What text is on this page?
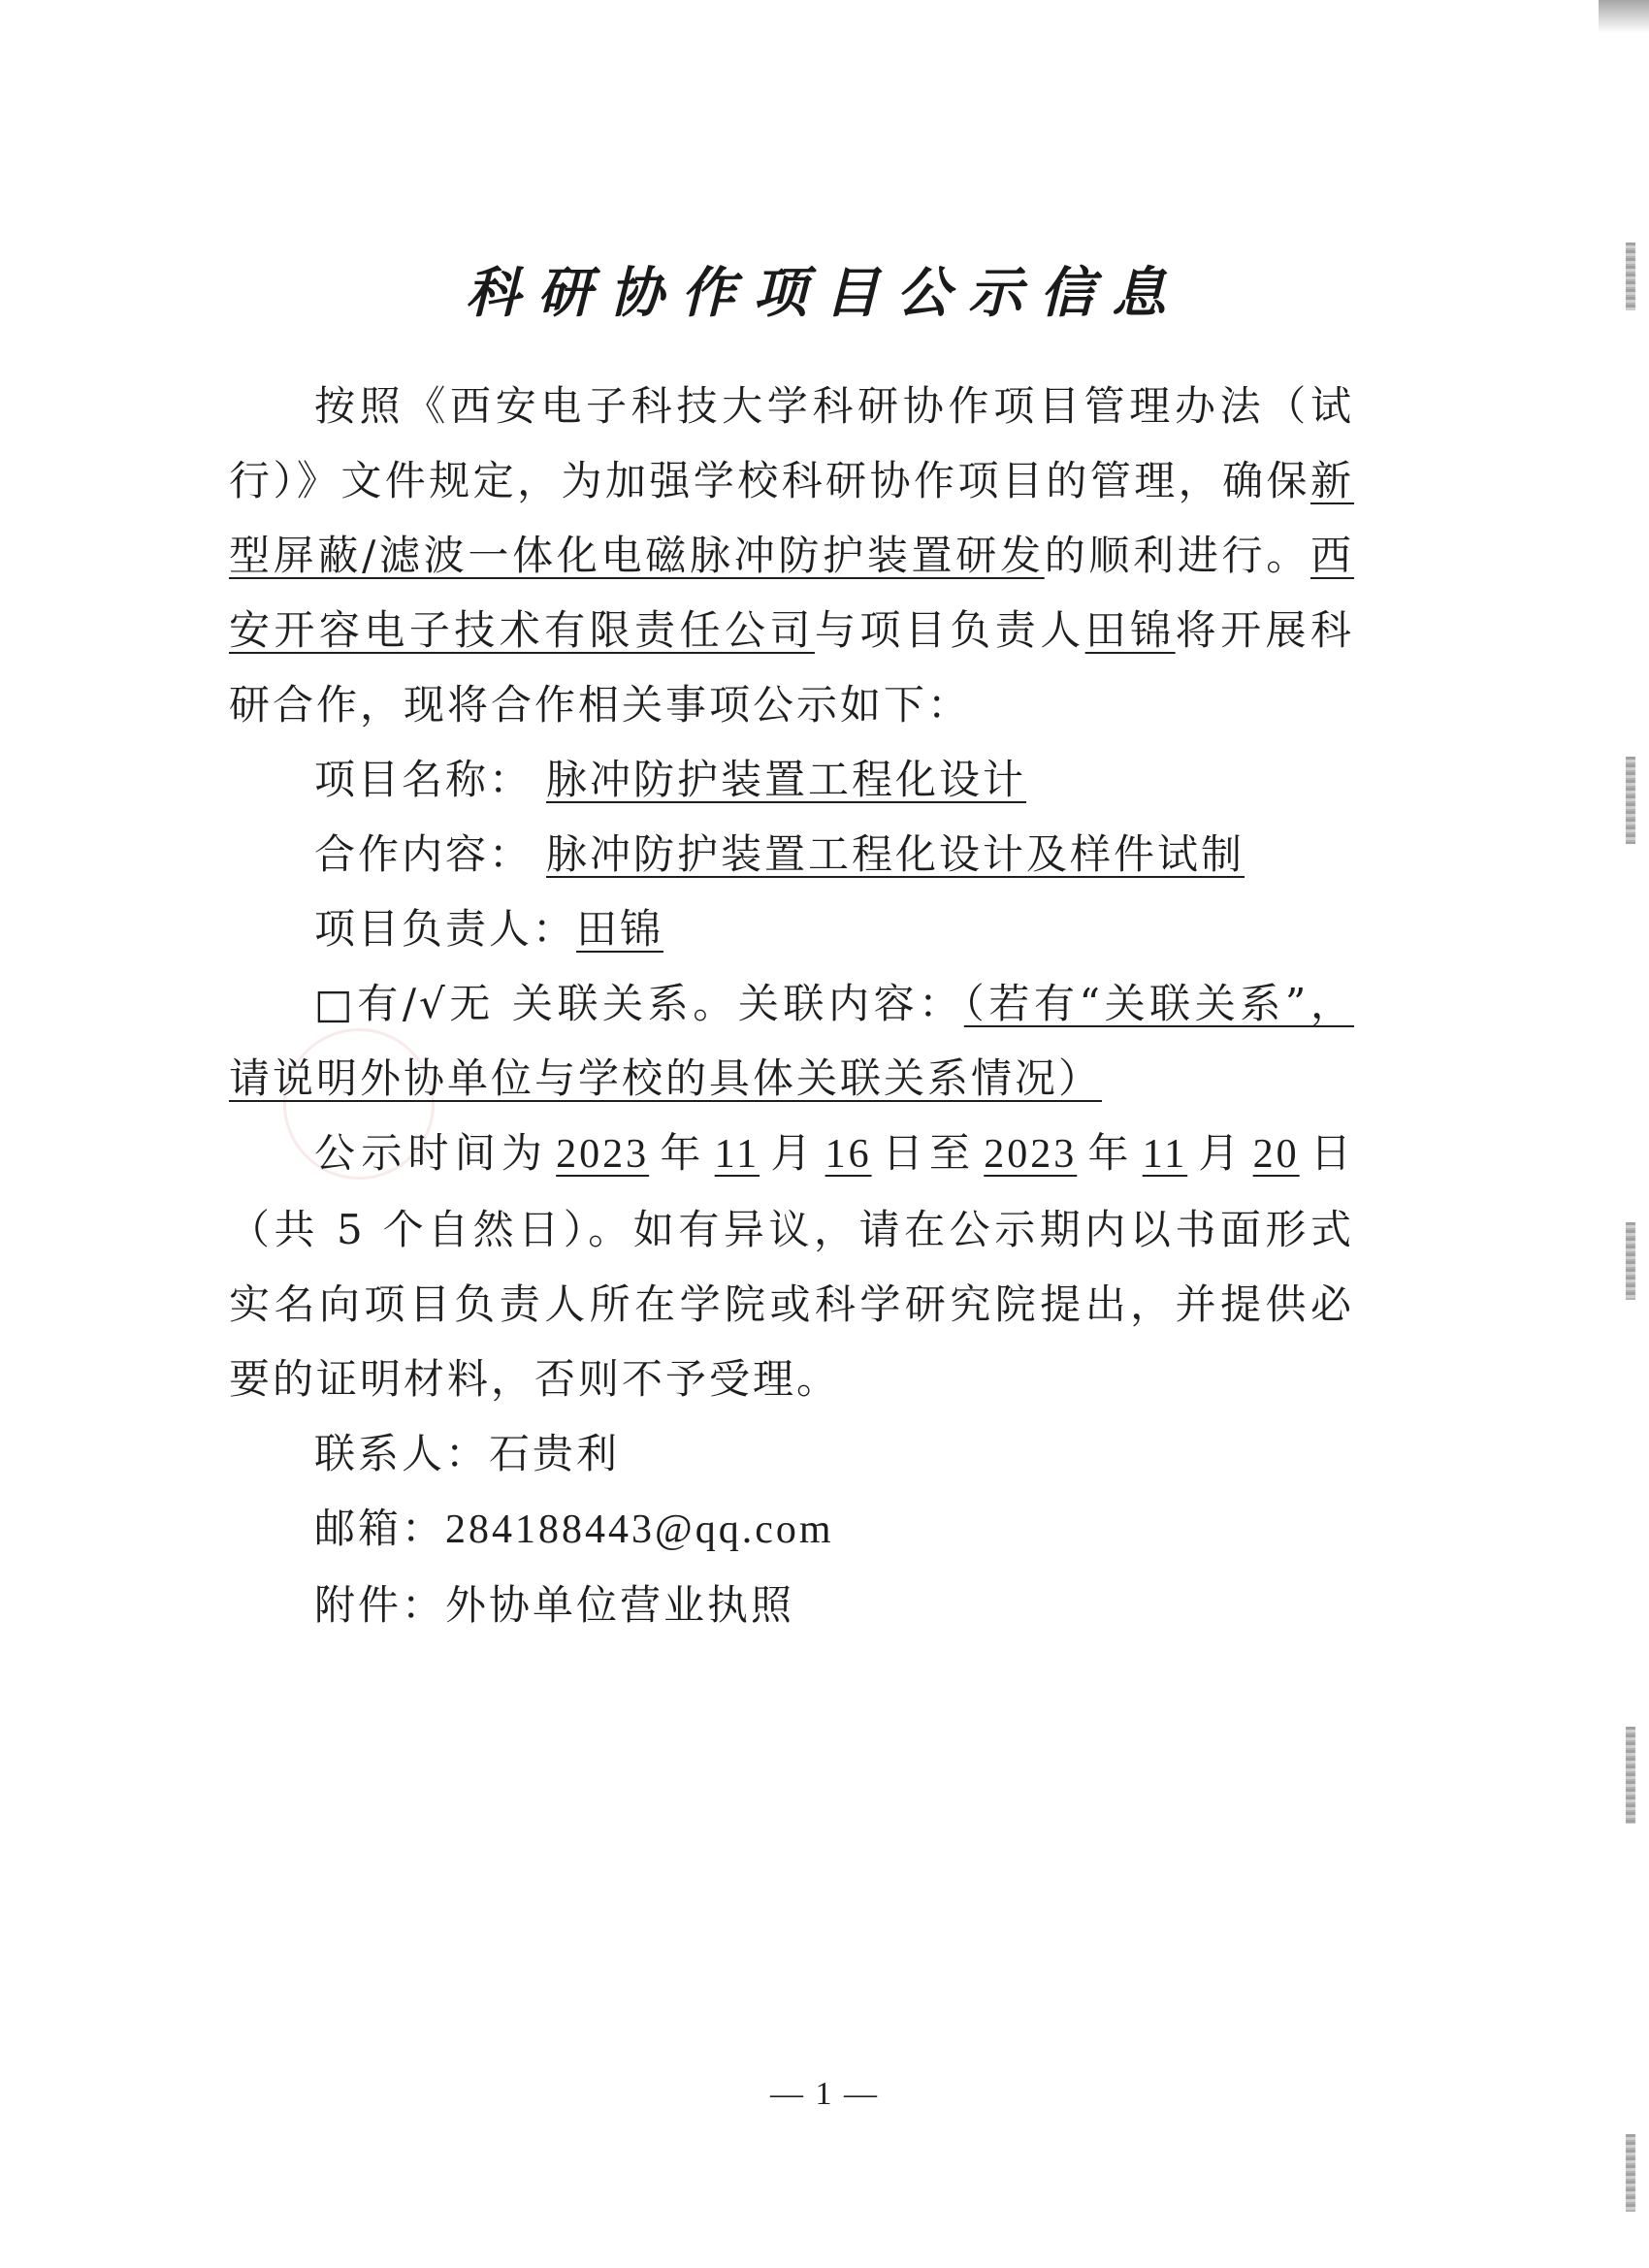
科研协作项目公示信息

按照《西安电子科技大学科研协作项目管理办法（试行）》文件规定，为加强学校科研协作项目的管理，确保新型屏蔽/滤波一体化电磁脉冲防护装置研发的顺利进行。西安开容电子技术有限责任公司与项目负责人田锦将开展科研合作，现将合作相关事项公示如下：

项目名称： 脉冲防护装置工程化设计

合作内容： 脉冲防护装置工程化设计及样件试制

项目负责人：田锦

□有/√无 关联关系。关联内容：（若有“关联关系”，请说明外协单位与学校的具体关联关系情况）

公示时间为 2023 年 11 月 16 日至 2023 年 11 月 20 日（共 5 个自然日）。如有异议，请在公示期内以书面形式实名向项目负责人所在学院或科学研究院提出，并提供必要的证明材料，否则不予受理。

联系人：石贵利

邮箱：284188443@qq.com

附件：外协单位营业执照

— 1 —
